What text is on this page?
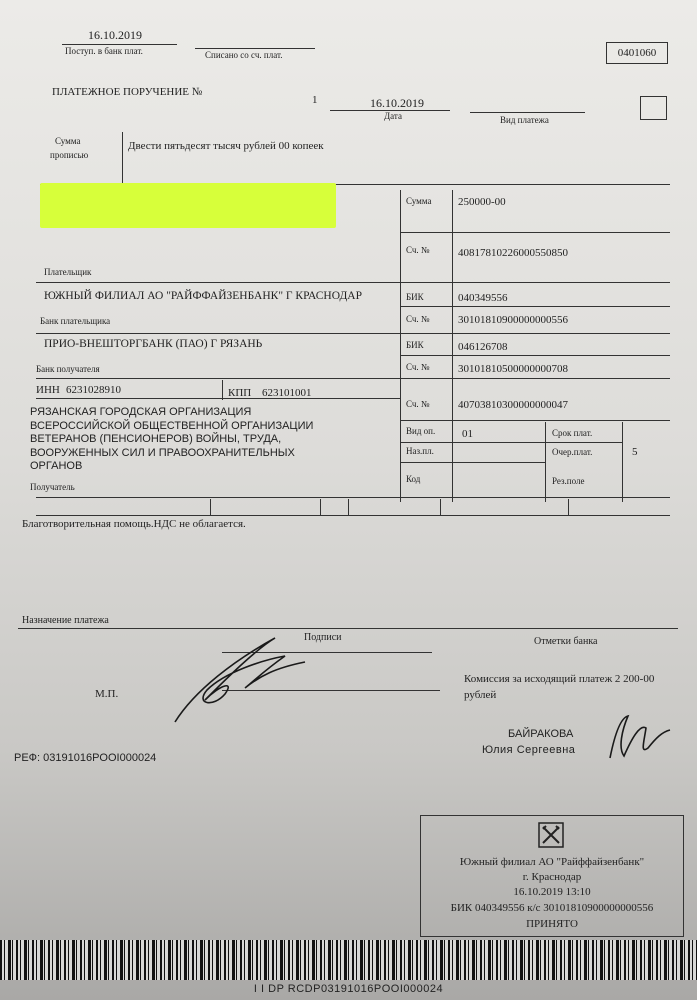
16.10.2019
Поступ. в банк плат.	Списано со сч. плат.	0401060
ПЛАТЕЖНОЕ ПОРУЧЕНИЕ №
1	16.10.2019
Дата	Вид платежа
Сумма
прописью
Двести пятьдесят тысяч рублей 00 копеек
Сумма 250000-00
Сч. №	40817810226000550850
Плательщик
ЮЖНЫЙ ФИЛИАЛ АО "РАЙФФАЙЗЕНБАНК" Г КРАСНОДАР	БИК	040349556
Банк плательщика	Сч. №	30101810900000000556
ПРИО-ВНЕШТОРГБАНК (ПАО) Г РЯЗАНЬ	БИК	046126708
Банк получателя	Сч. №	30101810500000000708
ИНН 6231028910	КПП 623101001
Сч. №	40703810300000000047
РЯЗАНСКАЯ ГОРОДСКАЯ ОРГАНИЗАЦИЯ
ВСЕРОССИЙСКОЙ ОБЩЕСТВЕННОЙ ОРГАНИЗАЦИИ
ВЕТЕРАНОВ (ПЕНСИОНЕРОВ) ВОЙНЫ, ТРУДА,
ВООРУЖЕННЫХ СИЛ И ПРАВООХРАНИТЕЛЬНЫХ
ОРГАНОВ
Получатель
Вид оп. 01
Наз.пл.
Код
Срок плат.
Очер.плат.	5
Рез.поле
Благотворительная помощь.НДС не облагается.
Назначение платежа
Подписи	Отметки банка
М.П.
Комиссия за исходящий платеж 2 200-00
рублей
РЕФ: 03191016POOI000024
БАЙРАКОВА
Юлия Сергеевна
Южный филиал АО "Райффайзенбанк"
г. Краснодар
16.10.2019 13:10
БИК 040349556 к/с 30101810900000000556
ПРИНЯТО
I I DP RCDP03191016POOI000024
